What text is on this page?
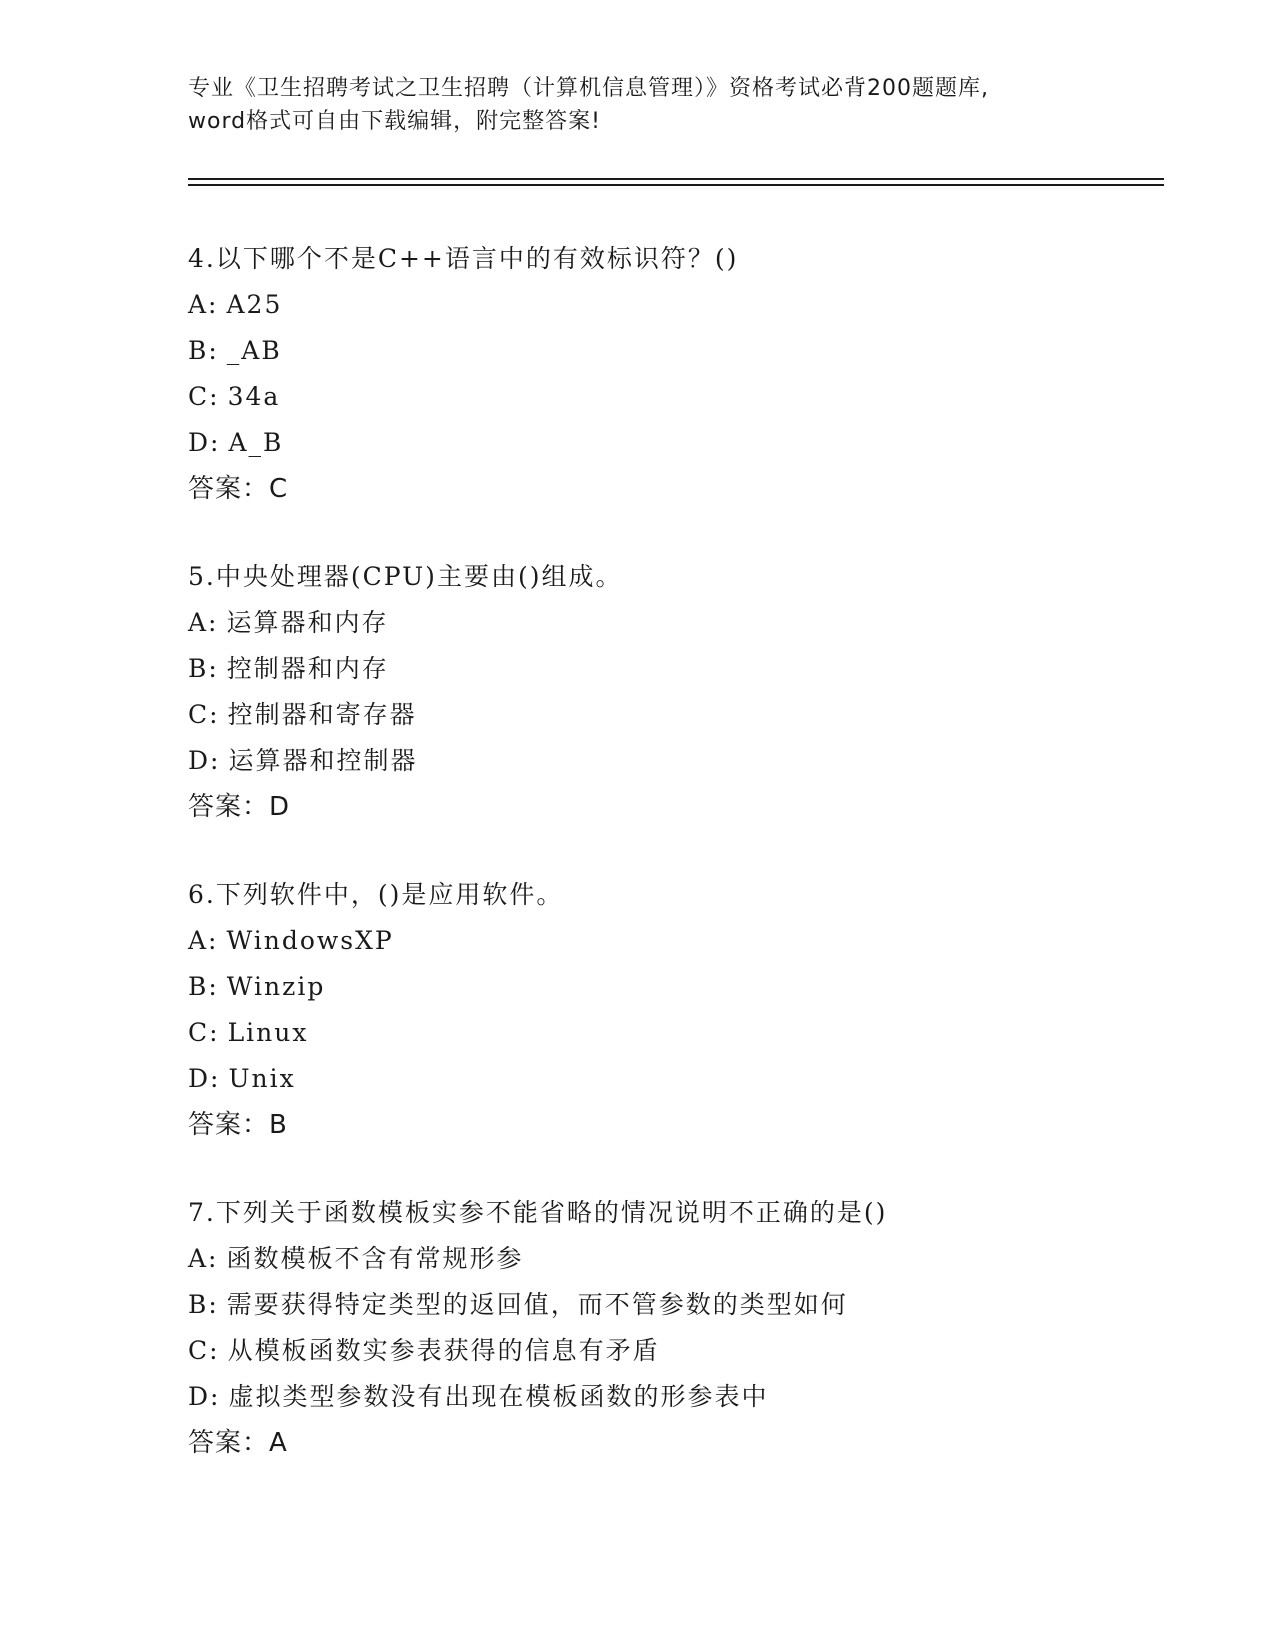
专业《卫生招聘考试之卫生招聘（计算机信息管理）》资格考试必背200题题库,
word格式可自由下载编辑，附完整答案!
4.以下哪个不是C++语言中的有效标识符？()
A: A25
B: _AB
C: 34a
D: A_B
答案：C
5.中央处理器(CPU)主要由()组成。
A: 运算器和内存
B: 控制器和内存
C: 控制器和寄存器
D: 运算器和控制器
答案：D
6.下列软件中，()是应用软件。
A: WindowsXP
B: Winzip
C: Linux
D: Unix
答案：B
7.下列关于函数模板实参不能省略的情况说明不正确的是()
A: 函数模板不含有常规形参
B: 需要获得特定类型的返回值，而不管参数的类型如何
C: 从模板函数实参表获得的信息有矛盾
D: 虚拟类型参数没有出现在模板函数的形参表中
答案：A
